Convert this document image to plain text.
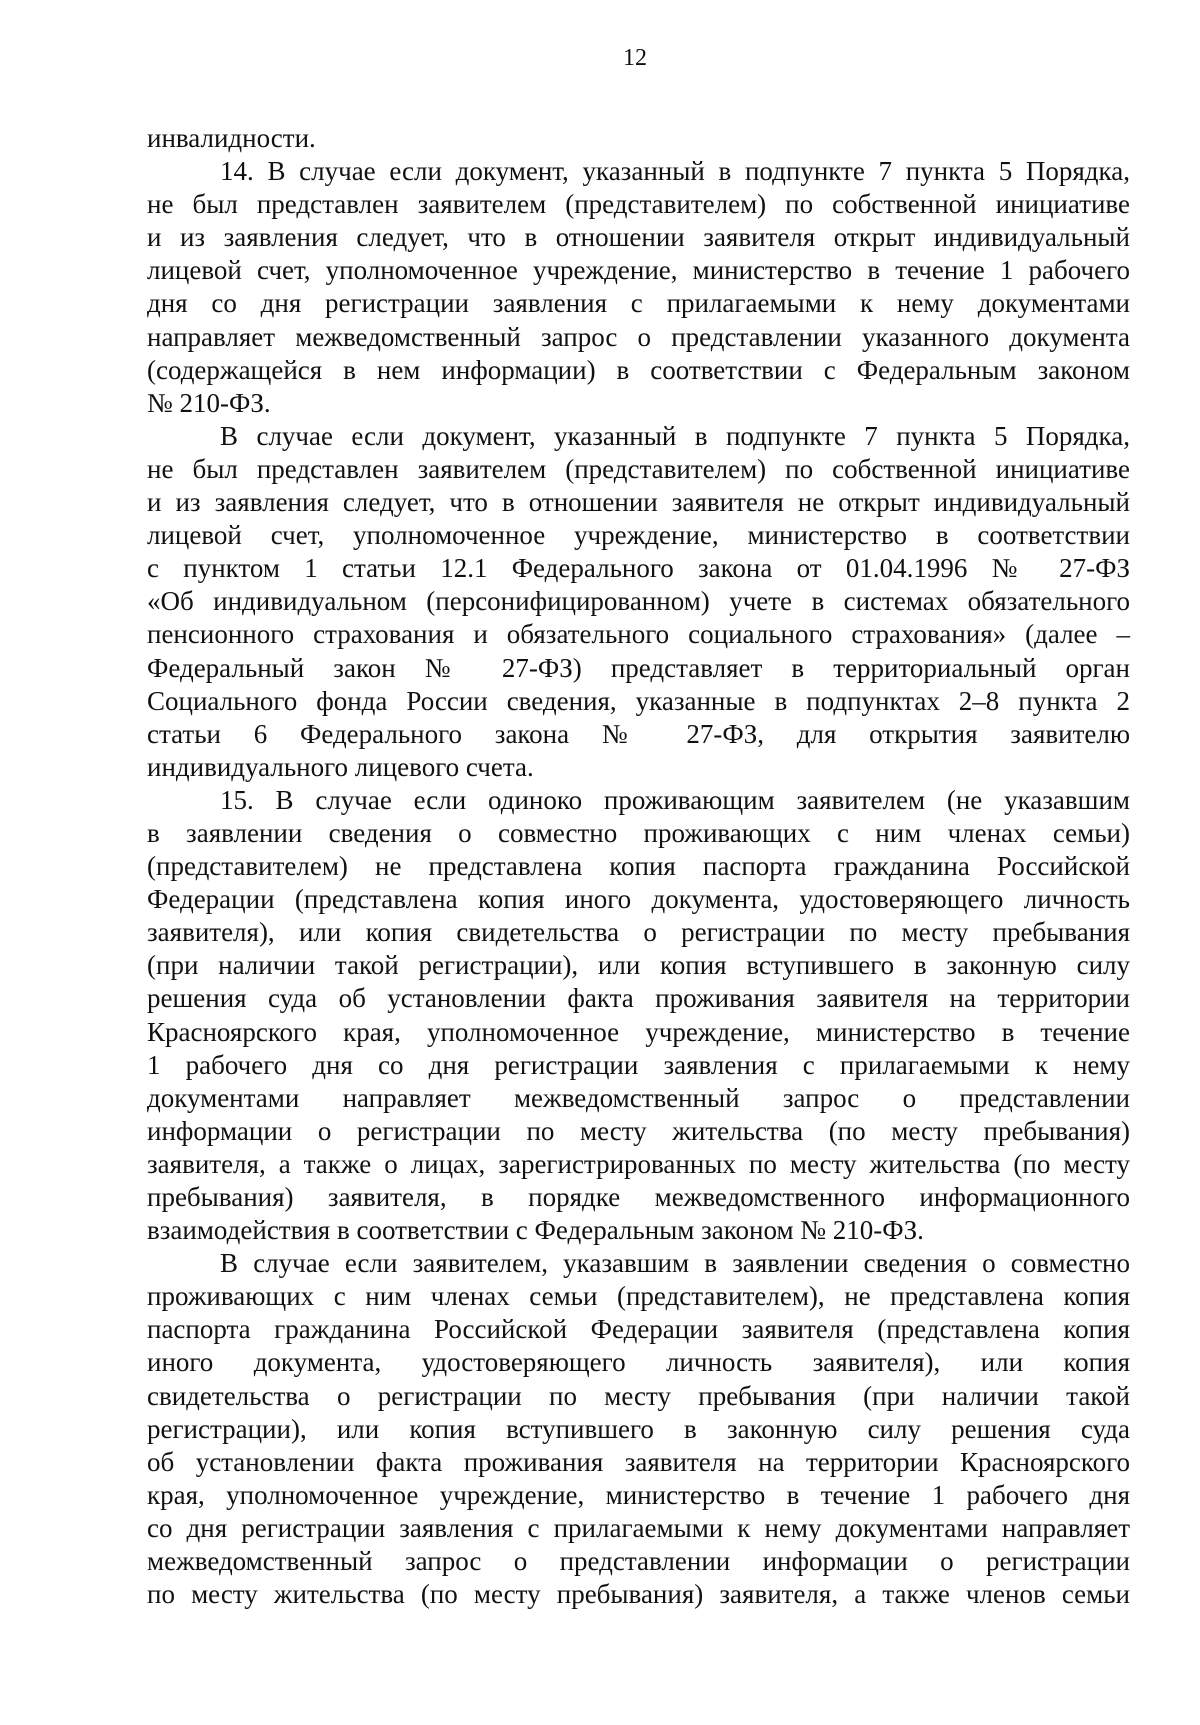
12
инвалидности.
14. В случае если документ, указанный в подпункте 7 пункта 5 Порядка,
не был представлен заявителем (представителем) по собственной инициативе
и из заявления следует, что в отношении заявителя открыт индивидуальный
лицевой счет, уполномоченное учреждение, министерство в течение 1 рабочего
дня со дня регистрации заявления с прилагаемыми к нему документами
направляет межведомственный запрос о представлении указанного документа
(содержащейся в нем информации) в соответствии с Федеральным законом
№ 210-ФЗ.
В случае если документ, указанный в подпункте 7 пункта 5 Порядка,
не был представлен заявителем (представителем) по собственной инициативе
и из заявления следует, что в отношении заявителя не открыт индивидуальный
лицевой счет, уполномоченное учреждение, министерство в соответствии
с пунктом 1 статьи 12.1 Федерального закона от 01.04.1996 № 27-ФЗ
«Об индивидуальном (персонифицированном) учете в системах обязательного
пенсионного страхования и обязательного социального страхования» (далее –
Федеральный закон № 27-ФЗ) представляет в территориальный орган
Социального фонда России сведения, указанные в подпунктах 2–8 пункта 2
статьи 6 Федерального закона № 27-ФЗ, для открытия заявителю
индивидуального лицевого счета.
15. В случае если одиноко проживающим заявителем (не указавшим
в заявлении сведения о совместно проживающих с ним членах семьи)
(представителем) не представлена копия паспорта гражданина Российской
Федерации (представлена копия иного документа, удостоверяющего личность
заявителя), или копия свидетельства о регистрации по месту пребывания
(при наличии такой регистрации), или копия вступившего в законную силу
решения суда об установлении факта проживания заявителя на территории
Красноярского края, уполномоченное учреждение, министерство в течение
1 рабочего дня со дня регистрации заявления с прилагаемыми к нему
документами направляет межведомственный запрос о представлении
информации о регистрации по месту жительства (по месту пребывания)
заявителя, а также о лицах, зарегистрированных по месту жительства (по месту
пребывания) заявителя, в порядке межведомственного информационного
взаимодействия в соответствии с Федеральным законом № 210-ФЗ.
В случае если заявителем, указавшим в заявлении сведения о совместно
проживающих с ним членах семьи (представителем), не представлена копия
паспорта гражданина Российской Федерации заявителя (представлена копия
иного документа, удостоверяющего личность заявителя), или копия
свидетельства о регистрации по месту пребывания (при наличии такой
регистрации), или копия вступившего в законную силу решения суда
об установлении факта проживания заявителя на территории Красноярского
края, уполномоченное учреждение, министерство в течение 1 рабочего дня
со дня регистрации заявления с прилагаемыми к нему документами направляет
межведомственный запрос о представлении информации о регистрации
по месту жительства (по месту пребывания) заявителя, а также членов семьи
